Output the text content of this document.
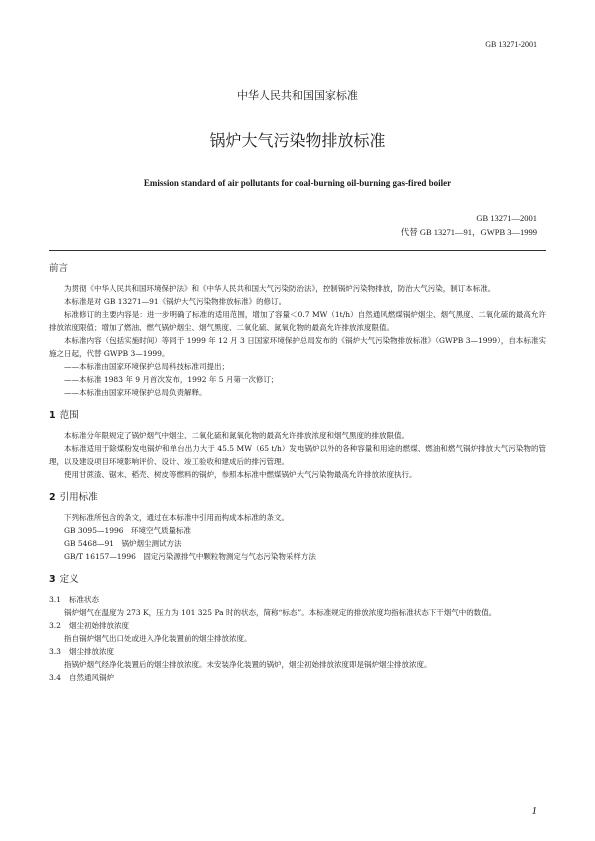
GB 13271-2001
中华人民共和国国家标准
锅炉大气污染物排放标准
Emission standard of air pollutants for coal-burning oil-burning gas-fired boiler
GB 13271—2001
代替 GB 13271—91，GWPB 3—1999
前言

为贯彻《中华人民共和国环境保护法》和《中华人民共和国大气污染防治法》，控制锅炉污染物排放，防治大气污染，制订本标准。

本标准是对 GB 13271—91《锅炉大气污染物排放标准》的修订。

标准修订的主要内容是：进一步明确了标准的适用范围，增加了容量＜0.7 MW（1t/h）自然通风燃煤锅炉烟尘、烟气黑度、二氧化硫的最高允许排放浓度限值；增加了燃油、燃气锅炉烟尘、烟气黑度、二氧化硫、氮氧化物的最高允许排放浓度限值。

本标准内容（包括实施时间）等同于 1999 年 12 月 3 日国家环境保护总局发布的《锅炉大气污染物排放标准》（GWPB 3—1999），自本标准实施之日起，代替 GWPB 3—1999。

——本标准由国家环境保护总局科技标准司提出；

——本标准 1983 年 9 月首次发布，1992 年 5 月第一次修订；

——本标准由国家环境保护总局负责解释。

1 范围

本标准分年限规定了锅炉烟气中烟尘、二氧化硫和氮氧化物的最高允许排放浓度和烟气黑度的排放限值。

本标准适用于除煤粉发电锅炉和单台出力大于 45.5 MW（65 t/h）发电锅炉以外的各种容量和用途的燃煤、燃油和燃气锅炉排放大气污染物的管理，以及建设项目环境影响评价、设计、竣工验收和建成后的排污管理。

使用甘蔗渣、锯末、稻壳、树皮等燃料的锅炉，参照本标准中燃煤锅炉大气污染物最高允许排放浓度执行。

2 引用标准

下列标准所包含的条文，通过在本标准中引用而构成本标准的条文。

GB 3095—1996　环境空气质量标准

GB 5468—91　锅炉烟尘测试方法

GB/T 16157—1996　固定污染源排气中颗粒物测定与气态污染物采样方法

3 定义
3.1 标准状态

锅炉烟气在温度为 273 K，压力为 101 325 Pa 时的状态，简称“标态”。本标准规定的排放浓度均指标准状态下干烟气中的数值。

3.2 烟尘初始排放浓度

指自锅炉烟气出口处或进入净化装置前的烟尘排放浓度。

3.3 烟尘排放浓度

指锅炉烟气经净化装置后的烟尘排放浓度。未安装净化装置的锅炉，烟尘初始排放浓度即是锅炉烟尘排放浓度。

3.4 自然通风锅炉
1
